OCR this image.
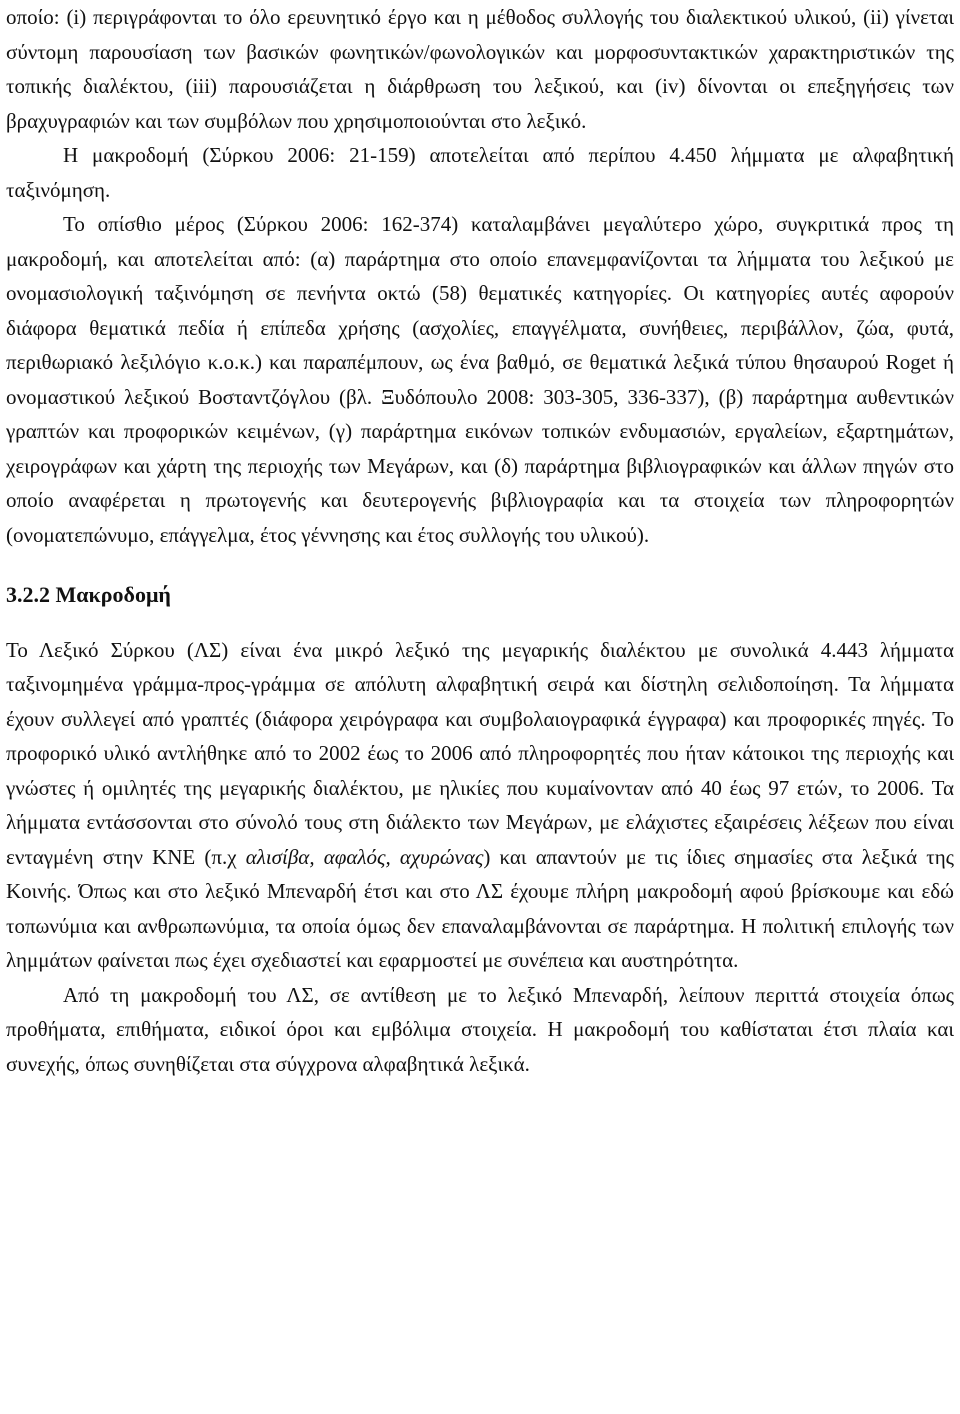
οποίο: (i) περιγράφονται το όλο ερευνητικό έργο και η μέθοδος συλλογής του διαλεκτικού υλικού, (ii) γίνεται σύντομη παρουσίαση των βασικών φωνητικών/φωνολογικών και μορφοσυντακτικών χαρακτηριστικών της τοπικής διαλέκτου, (iii) παρουσιάζεται η διάρθρωση του λεξικού, και (iv) δίνονται οι επεξηγήσεις των βραχυγραφιών και των συμβόλων που χρησιμοποιούνται στο λεξικό.

Η μακροδομή (Σύρκου 2006: 21-159) αποτελείται από περίπου 4.450 λήμματα με αλφαβητική ταξινόμηση.

Το οπίσθιο μέρος (Σύρκου 2006: 162-374) καταλαμβάνει μεγαλύτερο χώρο, συγκριτικά προς τη μακροδομή, και αποτελείται από: (α) παράρτημα στο οποίο επανεμφανίζονται τα λήμματα του λεξικού με ονομασιολογική ταξινόμηση σε πενήντα οκτώ (58) θεματικές κατηγορίες. Οι κατηγορίες αυτές αφορούν διάφορα θεματικά πεδία ή επίπεδα χρήσης (ασχολίες, επαγγέλματα, συνήθειες, περιβάλλον, ζώα, φυτά, περιθωριακό λεξιλόγιο κ.ο.κ.) και παραπέμπουν, ως ένα βαθμό, σε θεματικά λεξικά τύπου θησαυρού Roget ή ονομαστικού λεξικού Βοσταντζόγλου (βλ. Ξυδόπουλο 2008: 303-305, 336-337), (β) παράρτημα αυθεντικών γραπτών και προφορικών κειμένων, (γ) παράρτημα εικόνων τοπικών ενδυμασιών, εργαλείων, εξαρτημάτων, χειρογράφων και χάρτη της περιοχής των Μεγάρων, και (δ) παράρτημα βιβλιογραφικών και άλλων πηγών στο οποίο αναφέρεται η πρωτογενής και δευτερογενής βιβλιογραφία και τα στοιχεία των πληροφορητών (ονοματεπώνυμο, επάγγελμα, έτος γέννησης και έτος συλλογής του υλικού).

3.2.2 Μακροδομή

Το Λεξικό Σύρκου (ΛΣ) είναι ένα μικρό λεξικό της μεγαρικής διαλέκτου με συνολικά 4.443 λήμματα ταξινομημένα γράμμα-προς-γράμμα σε απόλυτη αλφαβητική σειρά και δίστηλη σελιδοποίηση. Τα λήμματα έχουν συλλεγεί από γραπτές (διάφορα χειρόγραφα και συμβολαιογραφικά έγγραφα) και προφορικές πηγές. Το προφορικό υλικό αντλήθηκε από το 2002 έως το 2006 από πληροφορητές που ήταν κάτοικοι της περιοχής και γνώστες ή ομιλητές της μεγαρικής διαλέκτου, με ηλικίες που κυμαίνονταν από 40 έως 97 ετών, το 2006. Τα λήμματα εντάσσονται στο σύνολό τους στη διάλεκτο των Μεγάρων, με ελάχιστες εξαιρέσεις λέξεων που είναι ενταγμένη στην ΚΝΕ (π.χ αλισίβα, αφαλός, αχυρώνας) και απαντούν με τις ίδιες σημασίες στα λεξικά της Κοινής. Όπως και στο λεξικό Μπεναρδή έτσι και στο ΛΣ έχουμε πλήρη μακροδομή αφού βρίσκουμε και εδώ τοπωνύμια και ανθρωπωνύμια, τα οποία όμως δεν επαναλαμβάνονται σε παράρτημα. Η πολιτική επιλογής των λημμάτων φαίνεται πως έχει σχεδιαστεί και εφαρμοστεί με συνέπεια και αυστηρότητα.

Από τη μακροδομή του ΛΣ, σε αντίθεση με το λεξικό Μπεναρδή, λείπουν περιττά στοιχεία όπως προθήματα, επιθήματα, ειδικοί όροι και εμβόλιμα στοιχεία. Η μακροδομή του καθίσταται έτσι πλαία και συνεχής, όπως συνηθίζεται στα σύγχρονα αλφαβητικά λεξικά.
